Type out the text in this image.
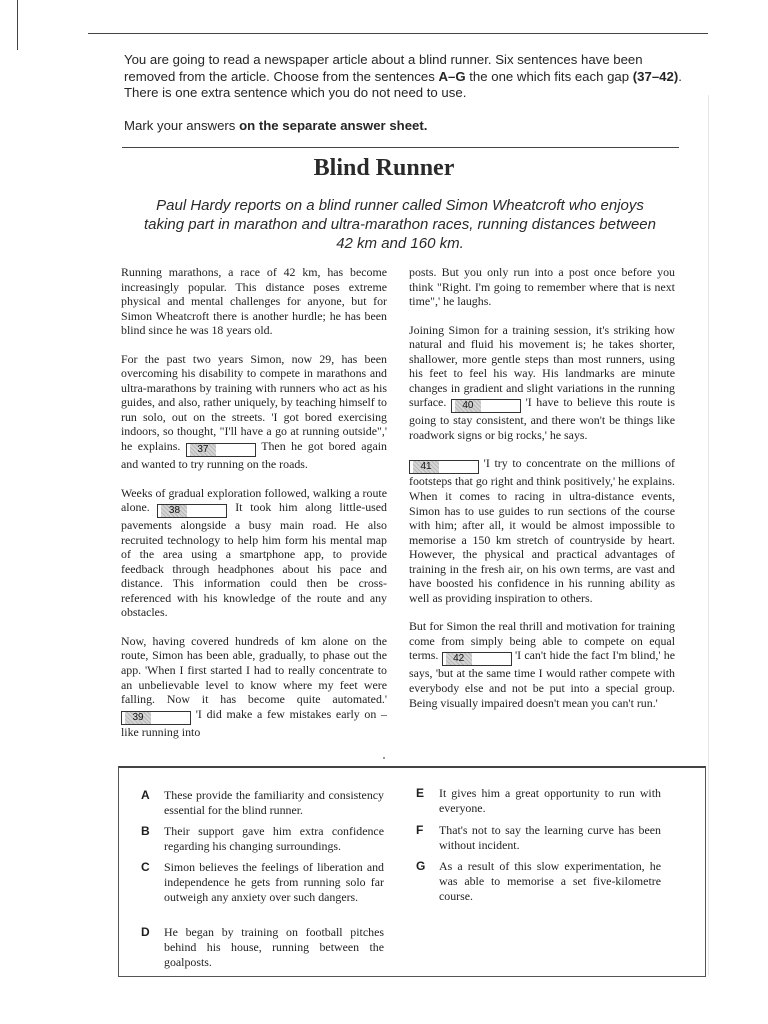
You are going to read a newspaper article about a blind runner. Six sentences have been removed from the article. Choose from the sentences A–G the one which fits each gap (37–42). There is one extra sentence which you do not need to use.

Mark your answers on the separate answer sheet.

Blind Runner
Paul Hardy reports on a blind runner called Simon Wheatcroft who enjoys taking part in marathon and ultra-marathon races, running distances between 42 km and 160 km.

Running marathons, a race of 42 km, has become increasingly popular. This distance poses extreme physical and mental challenges for anyone, but for Simon Wheatcroft there is another hurdle; he has been blind since he was 18 years old.

For the past two years Simon, now 29, has been overcoming his disability to compete in marathons and ultra-marathons by training with runners who act as his guides, and also, rather uniquely, by teaching himself to run solo, out on the streets. 'I got bored exercising indoors, so thought, "I'll have a go at running outside",' he explains. 37	Then he got bored again and wanted to try running on the roads.

Weeks of gradual exploration followed, walking a route alone. 38	It took him along little-used pavements alongside a busy main road. He also recruited technology to help him form his mental map of the area using a smartphone app, to provide feedback through headphones about his pace and distance. This information could then be cross-referenced with his knowledge of the route and any obstacles.

Now, having covered hundreds of km alone on the route, Simon has been able, gradually, to phase out the app. 'When I first started I had to really concentrate to an unbelievable level to know where my feet were falling. Now it has become quite automated.' 39	'I did make a few mistakes early on – like running into

posts. But you only run into a post once before you think "Right. I'm going to remember where that is next time",' he laughs.

Joining Simon for a training session, it's striking how natural and fluid his movement is; he takes shorter, shallower, more gentle steps than most runners, using his feet to feel his way. His landmarks are minute changes in gradient and slight variations in the running surface. 40	'I have to believe this route is going to stay consistent, and there won't be things like roadwork signs or big rocks,' he says.

41	'I try to concentrate on the millions of footsteps that go right and think positively,' he explains. When it comes to racing in ultra-distance events, Simon has to use guides to run sections of the course with him; after all, it would be almost impossible to memorise a 150 km stretch of countryside by heart. However, the physical and practical advantages of training in the fresh air, on his own terms, are vast and have boosted his confidence in his running ability as well as providing inspiration to others.

But for Simon the real thrill and motivation for training come from simply being able to compete on equal terms. 42	'I can't hide the fact I'm blind,' he says, 'but at the same time I would rather compete with everybody else and not be put into a special group. Being visually impaired doesn't mean you can't run.'

A These provide the familiarity and consistency essential for the blind runner.
B Their support gave him extra confidence regarding his changing surroundings.
C Simon believes the feelings of liberation and independence he gets from running solo far outweigh any anxiety over such dangers.
D He began by training on football pitches behind his house, running between the goalposts.
E It gives him a great opportunity to run with everyone.
F That's not to say the learning curve has been without incident.
G As a result of this slow experimentation, he was able to memorise a set five-kilometre course.
